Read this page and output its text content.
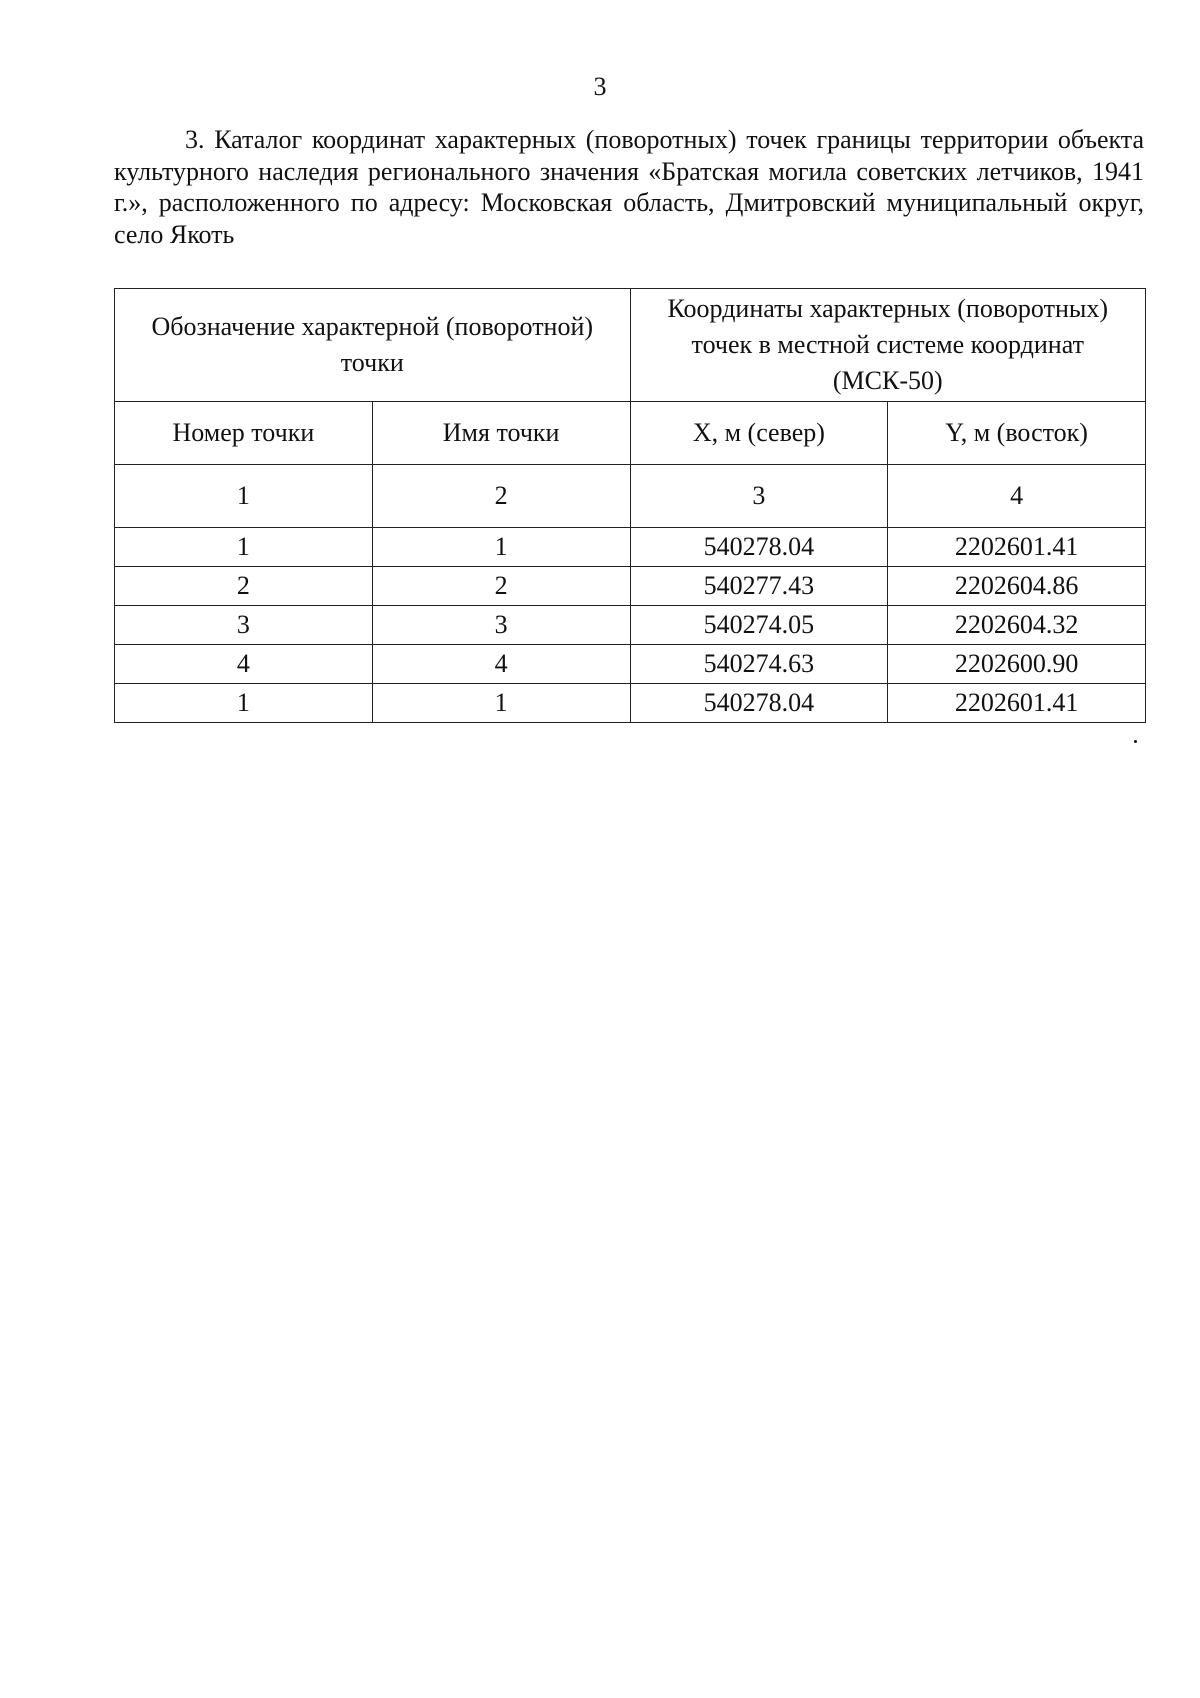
3

3. Каталог координат характерных (поворотных) точек границы территории объекта культурного наследия регионального значения «Братская могила советских летчиков, 1941 г.», расположенного по адресу: Московская область, Дмитровский муниципальный округ, село Якоть

Обозначение характерной (поворотной) точки		Координаты характерных (поворотных) точек в местной системе координат (МСК-50)	
Номер точки	Имя точки	X, м (север)	Y, м (восток)
1	2	3	4
1	1	540278.04	2202601.41
2	2	540277.43	2202604.86
3	3	540274.05	2202604.32
4	4	540274.63	2202600.90
1	1	540278.04	2202601.41
